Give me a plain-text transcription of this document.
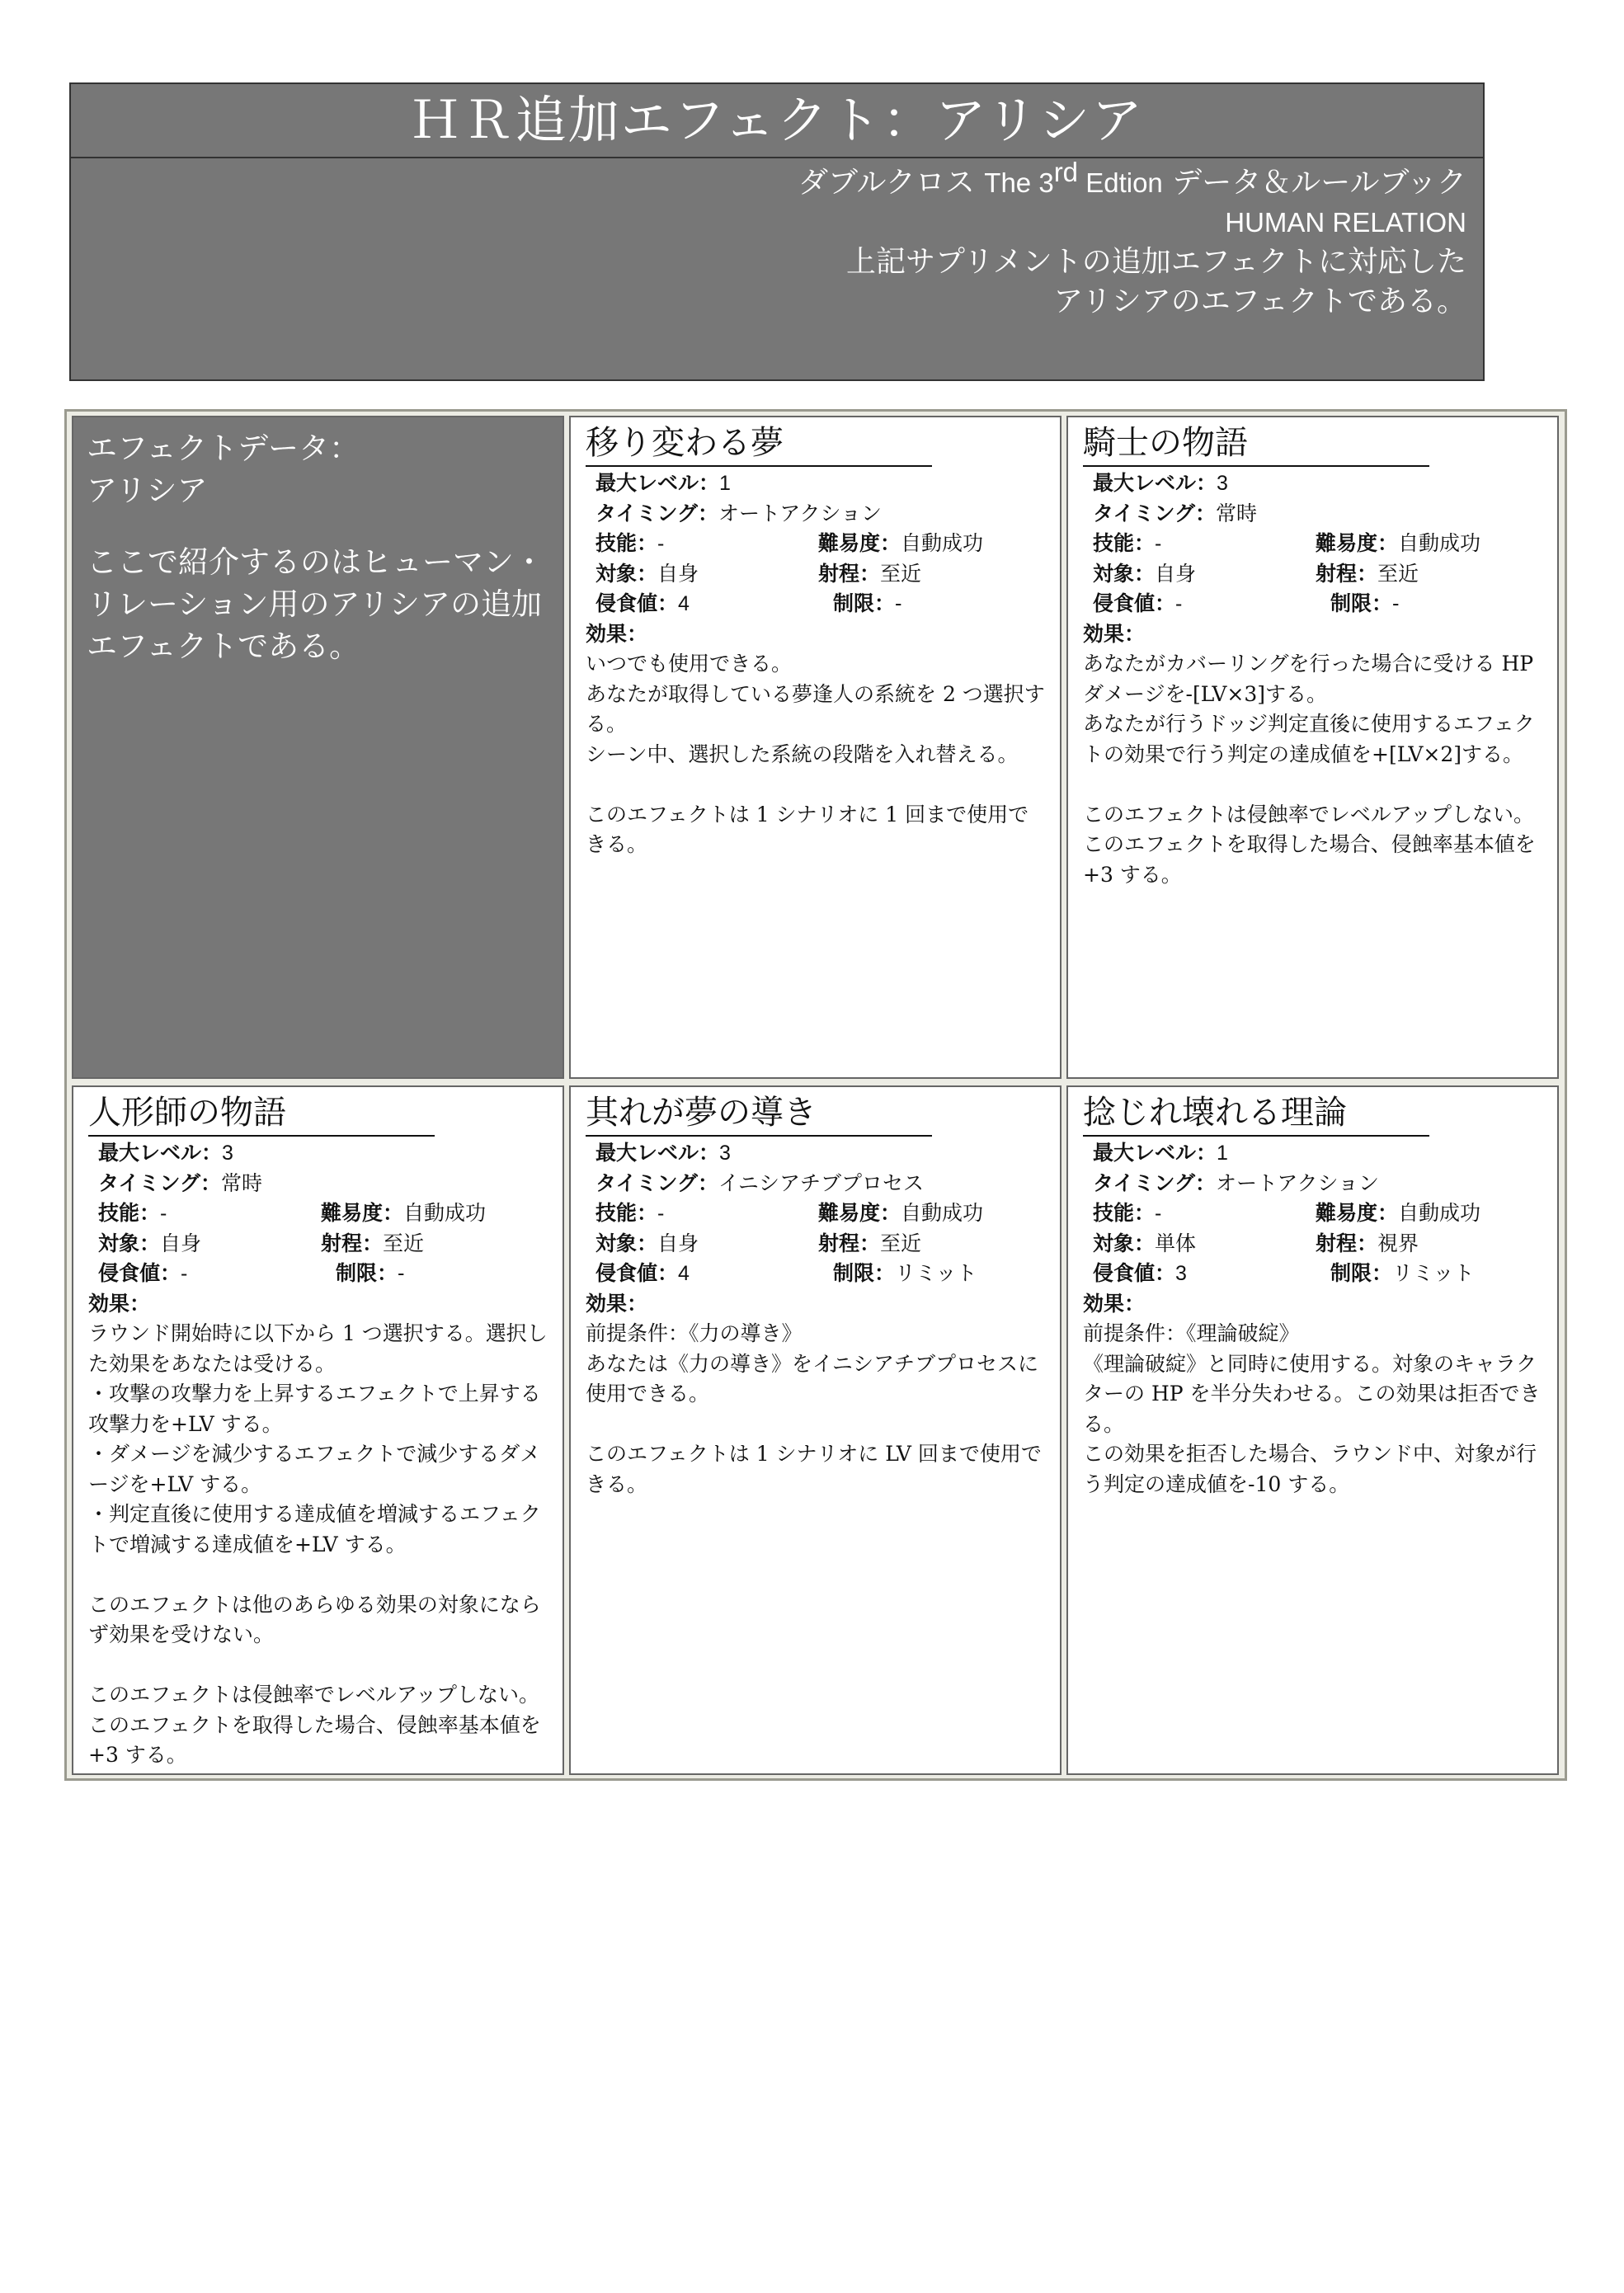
ＨＲ追加エフェクト：アリシア
ダブルクロス The 3rd Edtion データ＆ルールブック
HUMAN RELATION
上記サプリメントの追加エフェクトに対応した
アリシアのエフェクトである。

エフェクトデータ：

アリシア

ここで紹介するのはヒューマン・リレーション用のアリシアの追加エフェクトである。

移り変わる夢
最大レベル：1
タイミング：オートアクション
技能：-	難易度：自動成功
対象：自身	射程：至近
侵食値：4	制限：-
効果：

いつでも使用できる。

あなたが取得している夢逢人の系統を 2 つ選択する。

シーン中、選択した系統の段階を入れ替える。

このエフェクトは 1 シナリオに 1 回まで使用できる。

騎士の物語
最大レベル：3
タイミング：常時
技能：-	難易度：自動成功
対象：自身	射程：至近
侵食値：-	制限：-
効果：

あなたがカバーリングを行った場合に受ける HP ダメージを-[LV×3]する。

あなたが行うドッジ判定直後に使用するエフェクトの効果で行う判定の達成値を+[LV×2]する。

このエフェクトは侵蝕率でレベルアップしない。このエフェクトを取得した場合、侵蝕率基本値を+3 する。

人形師の物語
最大レベル：3
タイミング：常時
技能：-	難易度：自動成功
対象：自身	射程：至近
侵食値：-	制限：-
効果：

ラウンド開始時に以下から 1 つ選択する。選択した効果をあなたは受ける。

・攻撃の攻撃力を上昇するエフェクトで上昇する攻撃力を+LV する。

・ダメージを減少するエフェクトで減少するダメージを+LV する。

・判定直後に使用する達成値を増減するエフェクトで増減する達成値を+LV する。

このエフェクトは他のあらゆる効果の対象にならず効果を受けない。

このエフェクトは侵蝕率でレベルアップしない。このエフェクトを取得した場合、侵蝕率基本値を+3 する。

其れが夢の導き
最大レベル：3
タイミング：イニシアチブプロセス
技能：-	難易度：自動成功
対象：自身	射程：至近
侵食値：4	制限：リミット
効果：

前提条件：《力の導き》

あなたは《力の導き》をイニシアチブプロセスに使用できる。

このエフェクトは 1 シナリオに LV 回まで使用できる。

捻じれ壊れる理論
最大レベル：1
タイミング：オートアクション
技能：-	難易度：自動成功
対象：単体	射程：視界
侵食値：3	制限：リミット
効果：

前提条件：《理論破綻》

《理論破綻》と同時に使用する。対象のキャラクターの HP を半分失わせる。この効果は拒否できる。

この効果を拒否した場合、ラウンド中、対象が行う判定の達成値を-10 する。
